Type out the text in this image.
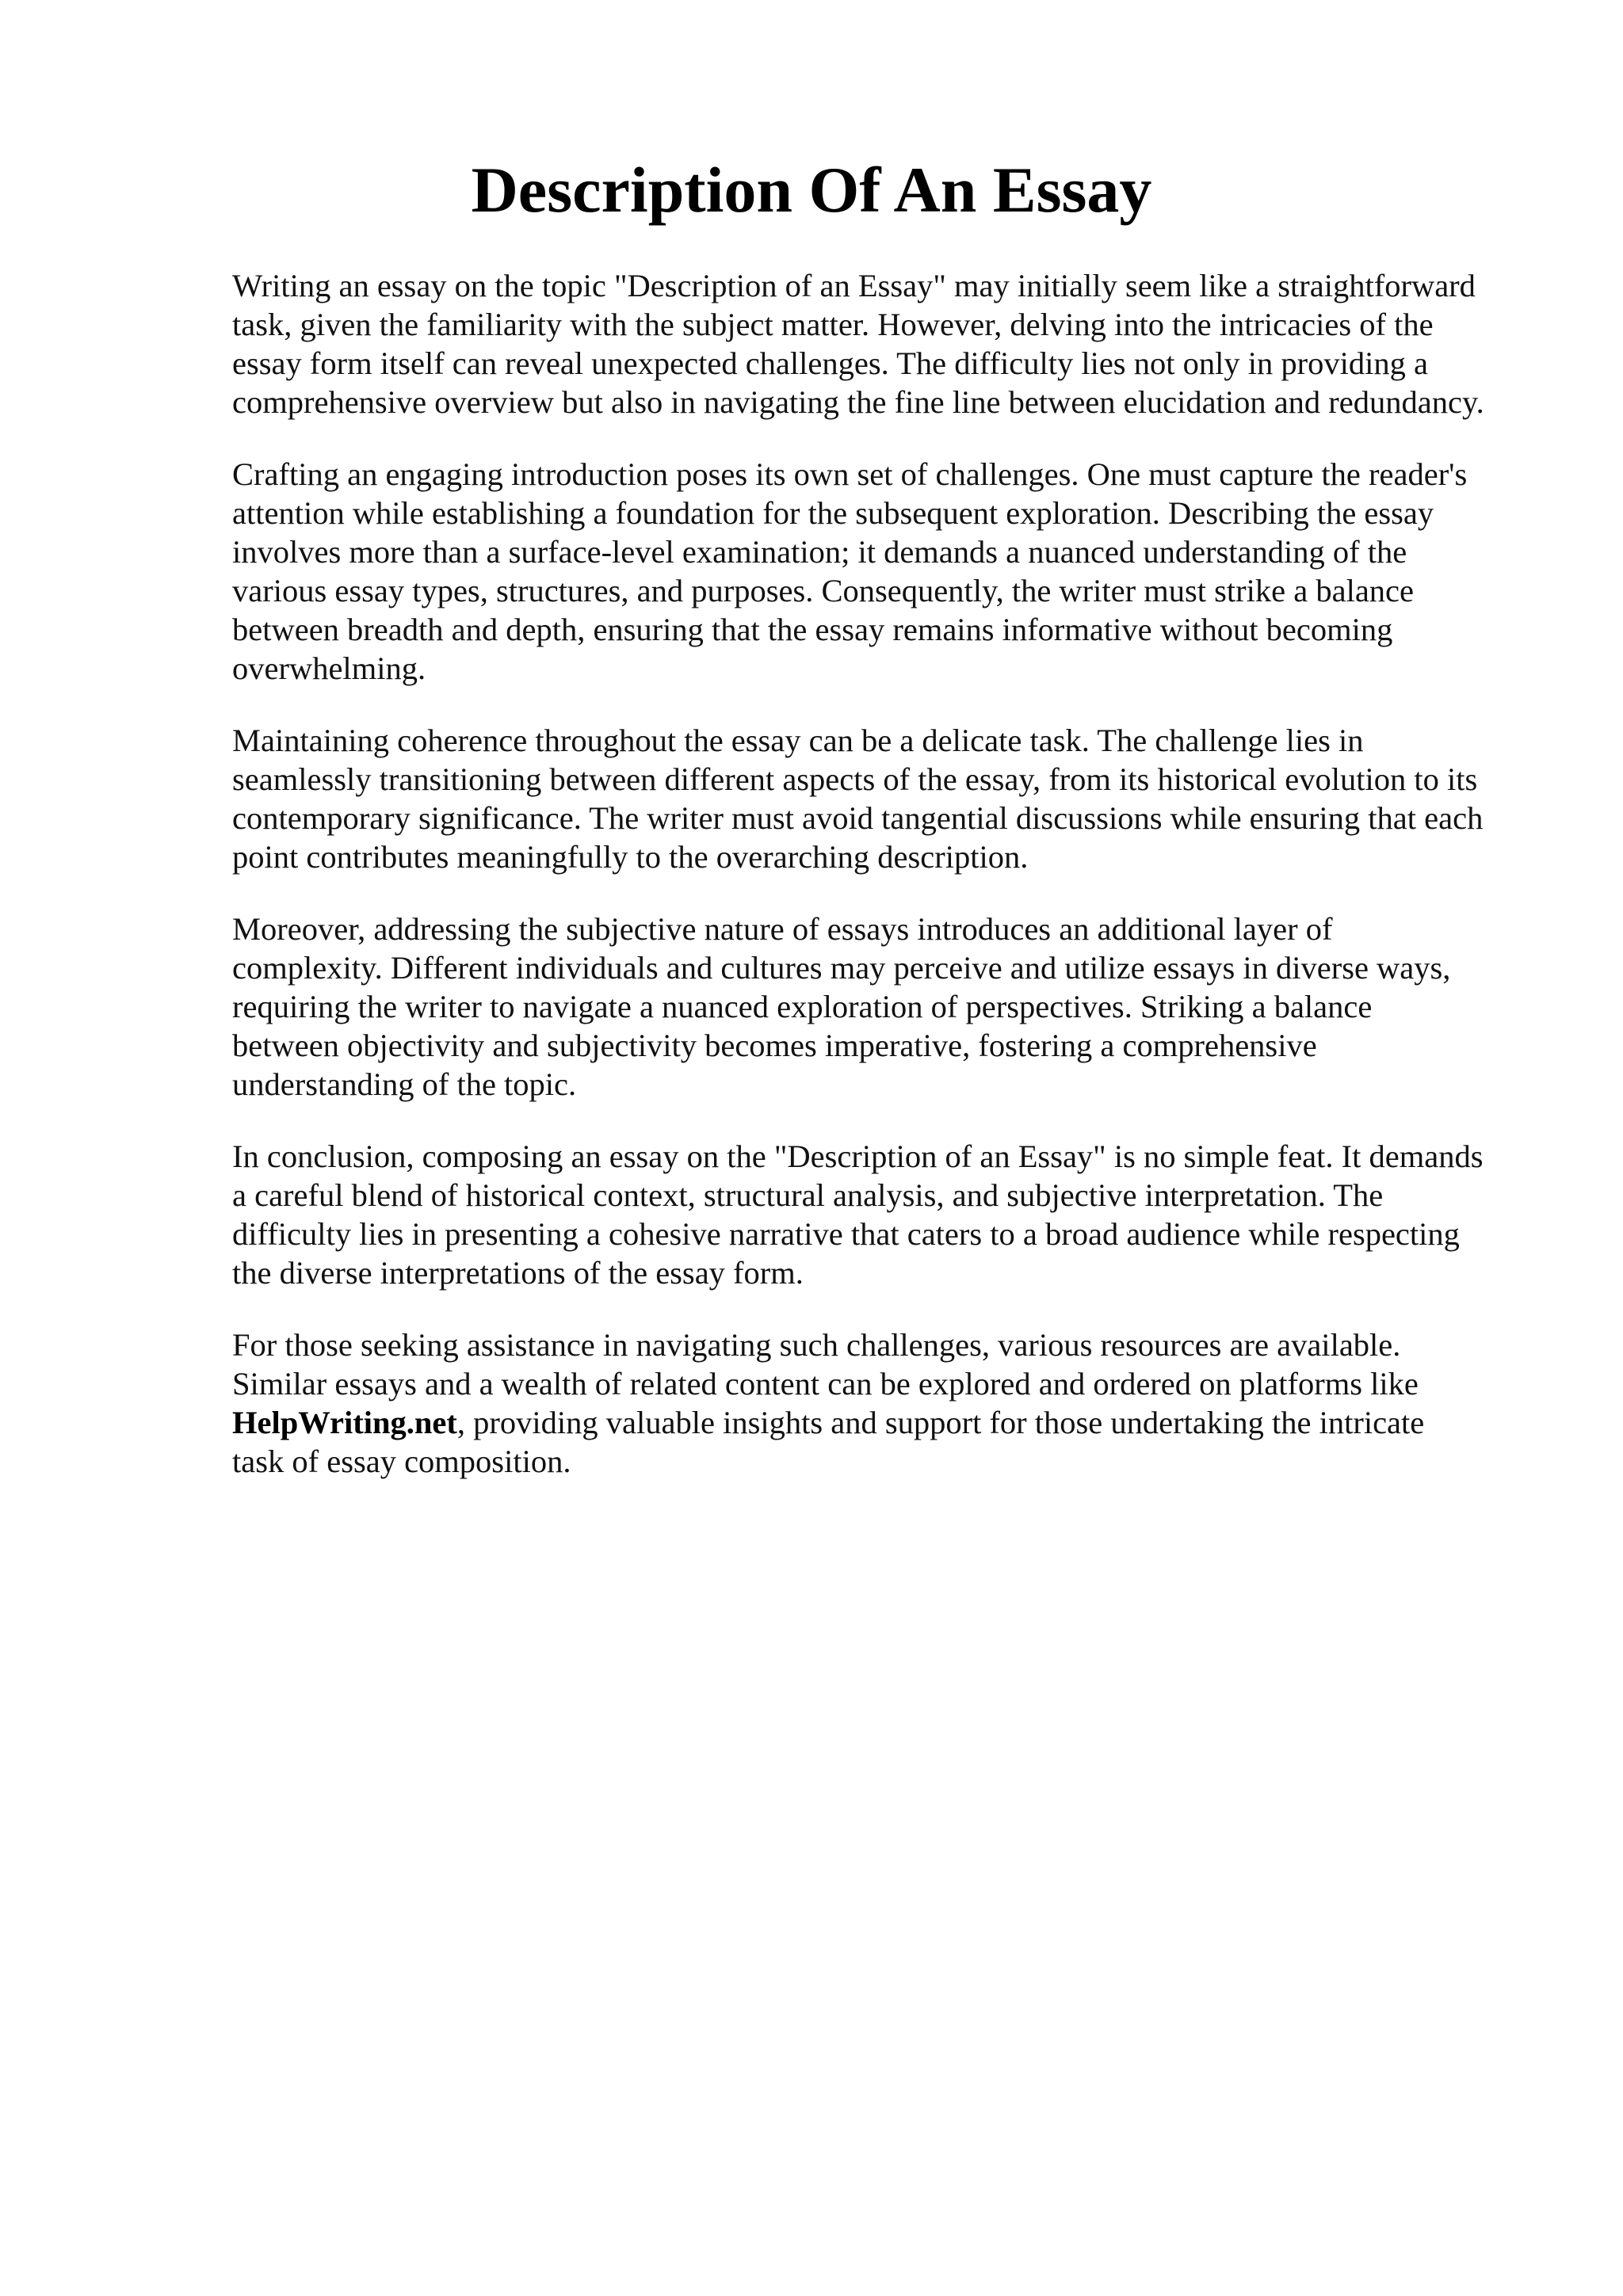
Description Of An Essay

Writing an essay on the topic "Description of an Essay" may initially seem like a straightforward
task, given the familiarity with the subject matter. However, delving into the intricacies of the
essay form itself can reveal unexpected challenges. The difficulty lies not only in providing a
comprehensive overview but also in navigating the fine line between elucidation and redundancy.

Crafting an engaging introduction poses its own set of challenges. One must capture the reader's
attention while establishing a foundation for the subsequent exploration. Describing the essay
involves more than a surface-level examination; it demands a nuanced understanding of the
various essay types, structures, and purposes. Consequently, the writer must strike a balance
between breadth and depth, ensuring that the essay remains informative without becoming
overwhelming.

Maintaining coherence throughout the essay can be a delicate task. The challenge lies in
seamlessly transitioning between different aspects of the essay, from its historical evolution to its
contemporary significance. The writer must avoid tangential discussions while ensuring that each
point contributes meaningfully to the overarching description.

Moreover, addressing the subjective nature of essays introduces an additional layer of
complexity. Different individuals and cultures may perceive and utilize essays in diverse ways,
requiring the writer to navigate a nuanced exploration of perspectives. Striking a balance
between objectivity and subjectivity becomes imperative, fostering a comprehensive
understanding of the topic.

In conclusion, composing an essay on the "Description of an Essay" is no simple feat. It demands
a careful blend of historical context, structural analysis, and subjective interpretation. The
difficulty lies in presenting a cohesive narrative that caters to a broad audience while respecting
the diverse interpretations of the essay form.

For those seeking assistance in navigating such challenges, various resources are available.
Similar essays and a wealth of related content can be explored and ordered on platforms like
HelpWriting.net, providing valuable insights and support for those undertaking the intricate
task of essay composition.
